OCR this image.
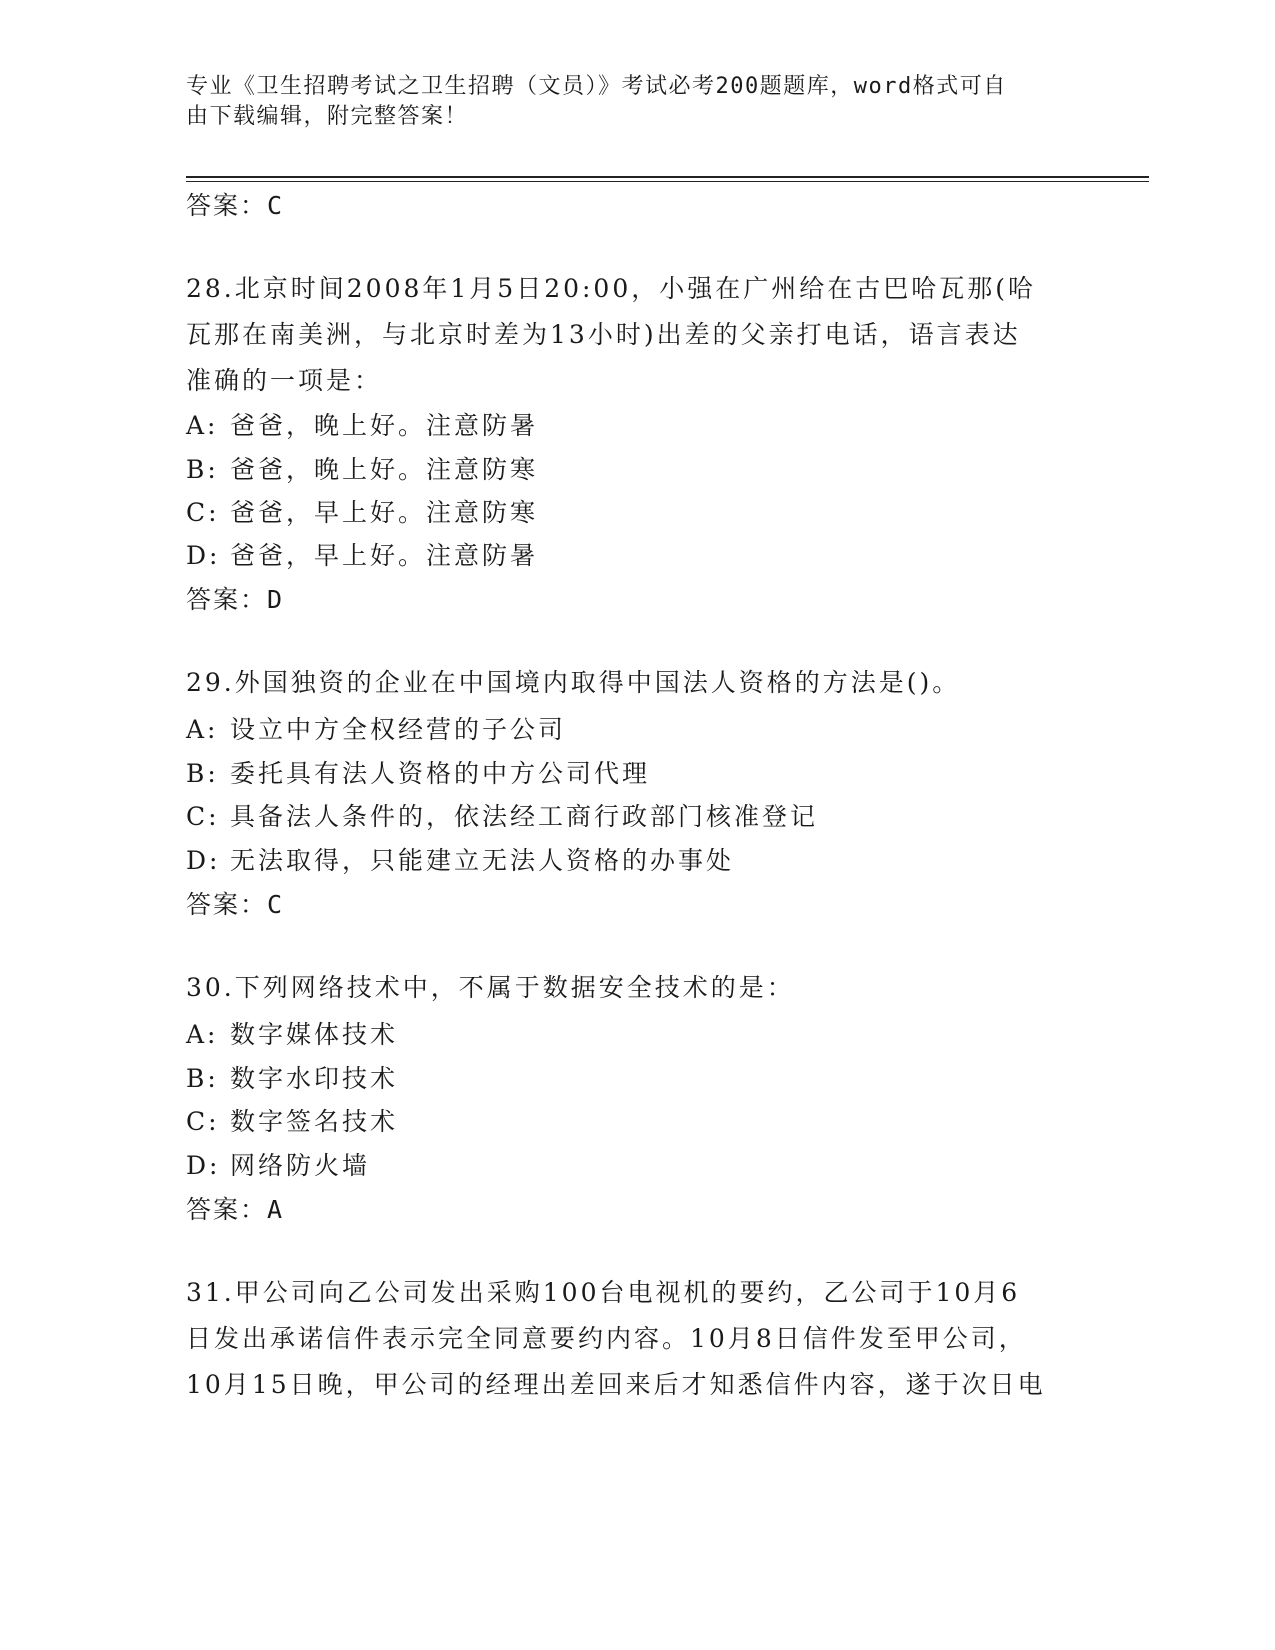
专业《卫生招聘考试之卫生招聘（文员）》考试必考200题题库，word格式可自
由下载编辑，附完整答案！
答案：C
28.北京时间2008年1月5日20:00，小强在广州给在古巴哈瓦那(哈
瓦那在南美洲，与北京时差为13小时)出差的父亲打电话，语言表达
准确的一项是：
A: 爸爸，晚上好。注意防暑
B: 爸爸，晚上好。注意防寒
C: 爸爸，早上好。注意防寒
D: 爸爸，早上好。注意防暑
答案：D
29.外国独资的企业在中国境内取得中国法人资格的方法是()。
A: 设立中方全权经营的子公司
B: 委托具有法人资格的中方公司代理
C: 具备法人条件的，依法经工商行政部门核准登记
D: 无法取得，只能建立无法人资格的办事处
答案：C
30.下列网络技术中，不属于数据安全技术的是：
A: 数字媒体技术
B: 数字水印技术
C: 数字签名技术
D: 网络防火墙
答案：A
31.甲公司向乙公司发出采购100台电视机的要约，乙公司于10月6
日发出承诺信件表示完全同意要约内容。10月8日信件发至甲公司，
10月15日晚，甲公司的经理出差回来后才知悉信件内容，遂于次日电
